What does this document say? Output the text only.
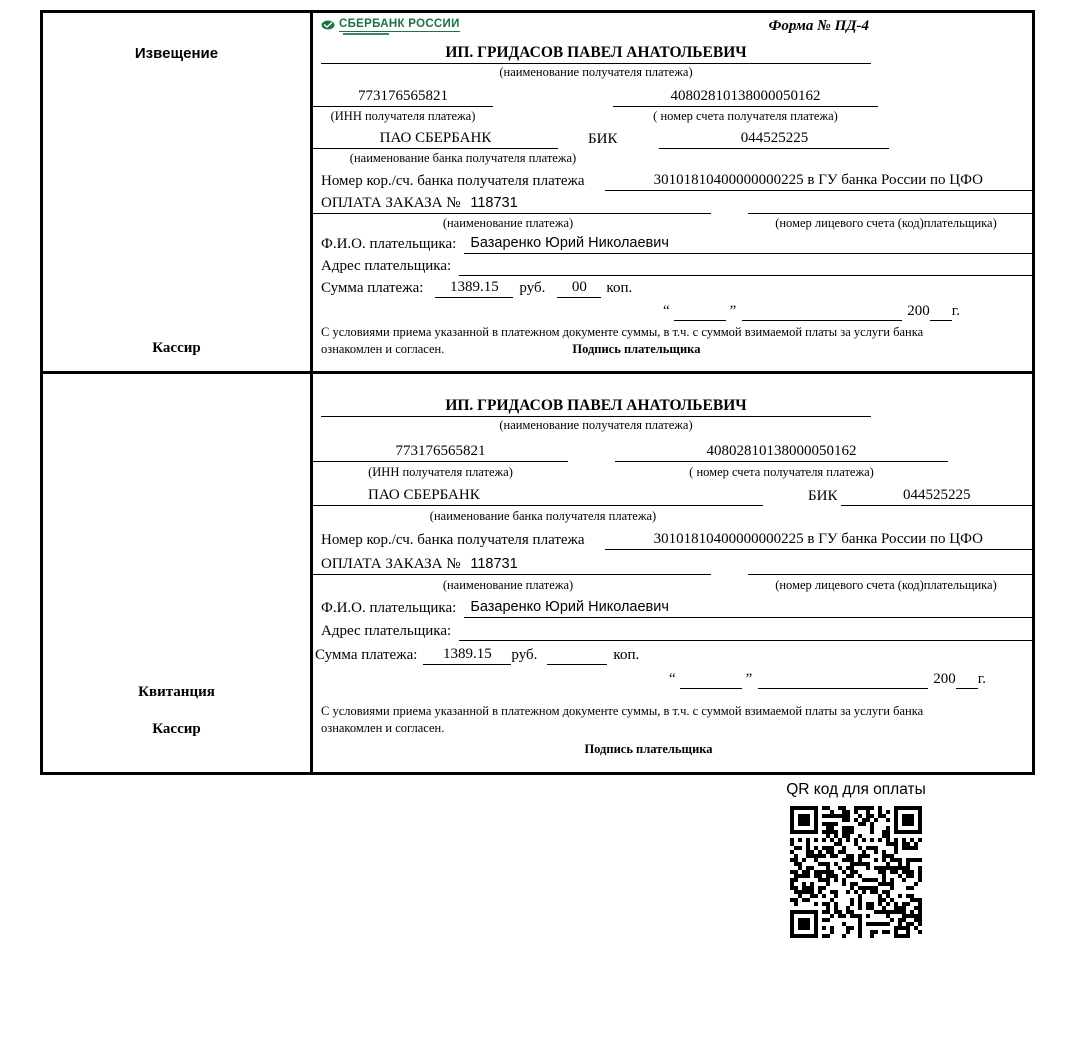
Извещение
Кассир
СБЕРБАНК РОССИИ	Форма № ПД-4
ИП. ГРИДАСОВ ПАВЕЛ АНАТОЛЬЕВИЧ
(наименование получателя платежа)
773176565821	40802810138000050162
(ИНН получателя платежа)	( номер счета получателя платежа)
ПАО СБЕРБАНК	БИК	044525225
(наименование банка получателя платежа)
Номер кор./сч. банка получателя платежа	30101810400000000225 в ГУ банка России по ЦФО
ОПЛАТА ЗАКАЗА № 118731
(наименование платежа)	(номер лицевого счета (код)плательщика)
Ф.И.О. плательщика: Базаренко Юрий Николаевич
Адрес плательщика:
Сумма платежа:	1389.15	руб.	00	коп.
“	”	200 г.
С условиями приема указанной в платежном документе суммы, в т.ч. с суммой взимаемой платы за услуги банка
ознакомлен и согласен.	Подпись плательщика
Квитанция
Кассир
ИП. ГРИДАСОВ ПАВЕЛ АНАТОЛЬЕВИЧ
(наименование получателя платежа)
773176565821	40802810138000050162
(ИНН получателя платежа)	( номер счета получателя платежа)
ПАО СБЕРБАНК	БИК	044525225
(наименование банка получателя платежа)
Номер кор./сч. банка получателя платежа	30101810400000000225 в ГУ банка России по ЦФО
ОПЛАТА ЗАКАЗА № 118731
(наименование платежа)	(номер лицевого счета (код)плательщика)
Ф.И.О. плательщика: Базаренко Юрий Николаевич
Адрес плательщика:
Сумма платежа:	1389.15	руб.	коп.
“	”	200 г.
С условиями приема указанной в платежном документе суммы, в т.ч. с суммой взимаемой платы за услуги банка
ознакомлен и согласен.
Подпись плательщика
QR код для оплаты
